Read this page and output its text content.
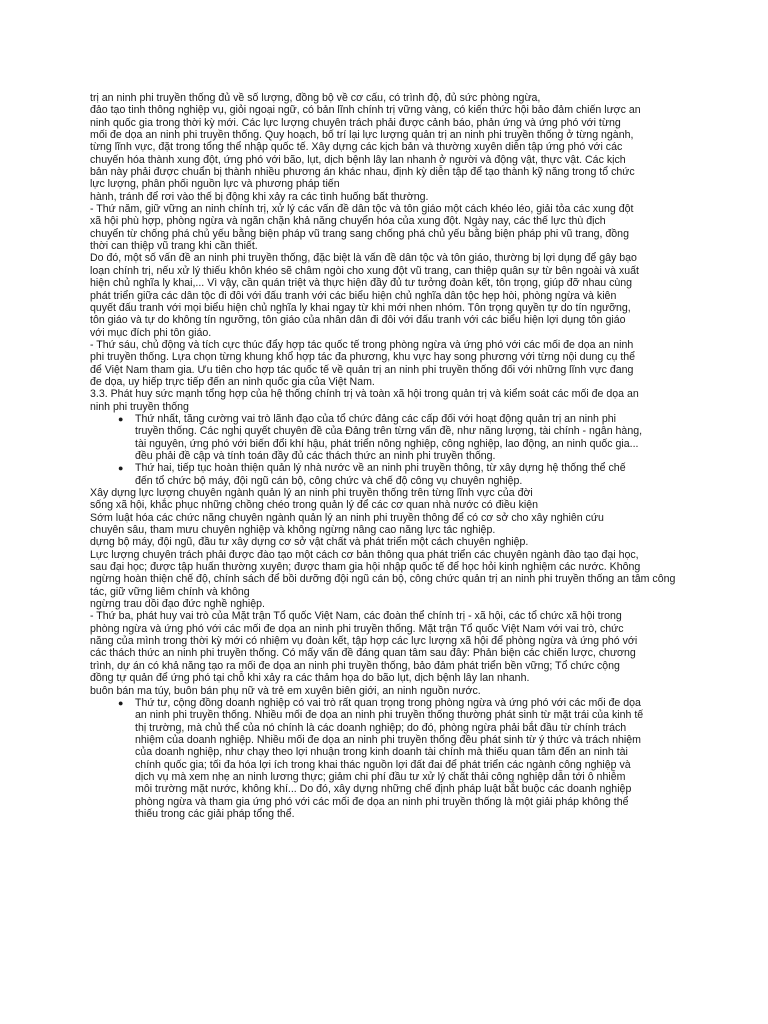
trị an ninh phi truyền thống đủ về số lượng, đồng bộ về cơ cấu, có trình độ, đủ sức phòng ngừa,
đảo tạo tinh thông nghiệp vụ, giỏi ngoại ngữ, có bản lĩnh chính trị vững vàng, có kiến thức hội bảo đảm chiến lược an
ninh quốc gia trong thời kỳ mới. Các lực lượng chuyên trách phải được cảnh báo, phản ứng và ứng phó với từng
mối đe dọa an ninh phi truyền thống. Quy hoạch, bố trí lại lực lượng quản trị an ninh phi truyền thống ở từng ngành,
từng lĩnh vực, đặt trong tổng thể nhập quốc tế. Xây dựng các kịch bản và thường xuyên diễn tập ứng phó với các
chuyến hóa thành xung đột, ứng phó với bão, lụt, dịch bệnh lây lan nhanh ở người và động vật, thực vật. Các kịch
bản này phải được chuẩn bị thành nhiều phương án khác nhau, định kỳ diễn tập để tạo thành kỹ năng trong tổ chức
lực lượng, phân phối nguồn lực và phương pháp tiến
hành, tránh để rơi vào thế bị động khi xảy ra các tình huống bất thường.
- Thứ năm, giữ vững an ninh chính trị, xử lý các vấn đề dân tộc và tôn giáo một cách khéo léo, giải tỏa các xung đột
xã hội phù hợp, phòng ngừa và ngăn chặn khả năng chuyển hóa của xung đột. Ngày nay, các thế lực thù địch
chuyển từ chống phá chủ yếu bằng biện pháp vũ trang sang chống phá chủ yếu bằng biện pháp phi vũ trang, đồng
thời can thiệp vũ trang khi cần thiết.
Do đó, một số vấn đề an ninh phi truyền thống, đặc biệt là vấn đề dân tộc và tôn giáo, thường bị lợi dụng để gây bạo
loạn chính trị, nếu xử lý thiếu khôn khéo sẽ châm ngòi cho xung đột vũ trang, can thiệp quân sự từ bên ngoài và xuất
hiện chủ nghĩa ly khai,... Vì vậy, cần quán triệt và thực hiện đầy đủ tư tưởng đoàn kết, tôn trọng, giúp đỡ nhau cùng
phát triển giữa các dân tộc đi đôi với đấu tranh với các biểu hiện chủ nghĩa dân tộc hẹp hòi, phòng ngừa và kiên
quyết đấu tranh với mọi biểu hiện chủ nghĩa ly khai ngay từ khi mới nhen nhóm. Tôn trọng quyền tự do tín ngưỡng,
tôn giáo và tự do không tín ngưỡng, tôn giáo của nhân dân đi đôi với đấu tranh với các biểu hiện lợi dụng tôn giáo
với mục đích phi tôn giáo.
- Thứ sáu, chủ động và tích cực thúc đẩy hợp tác quốc tế trong phòng ngừa và ứng phó với các mối đe dọa an ninh
phi truyền thống. Lựa chọn từng khung khổ hợp tác đa phương, khu vực hay song phương với từng nội dung cụ thể
để Việt Nam tham gia. Ưu tiên cho hợp tác quốc tế về quản trị an ninh phi truyền thống đối với những lĩnh vực đang
đe dọa, uy hiếp trực tiếp đến an ninh quốc gia của Việt Nam.
3.3. Phát huy sức mạnh tổng hợp của hệ thống chính trị và toàn xã hội trong quản trị và kiểm soát các mối đe dọa an
ninh phi truyền thống
● Thứ nhất, tăng cường vai trò lãnh đạo của tổ chức đảng các cấp đối với hoạt động quản trị an ninh phi
truyền thống. Các nghị quyết chuyên đề của Đảng trên từng vấn đề, như năng lượng, tài chính - ngân hàng,
tài nguyên, ứng phó với biến đổi khí hậu, phát triển nông nghiệp, công nghiệp, lao động, an ninh quốc gia...
đều phải đề cập và tính toán đầy đủ các thách thức an ninh phi truyền thống.
● Thứ hai, tiếp tục hoàn thiện quản lý nhà nước về an ninh phi truyền thông, từ xây dựng hệ thống thể chế
đến tổ chức bộ máy, đội ngũ cán bộ, công chức và chế độ công vụ chuyên nghiệp.
Xây dựng lực lượng chuyên ngành quản lý an ninh phi truyền thống trên từng lĩnh vực của đời
sống xã hội, khắc phục những chồng chéo trong quản lý để các cơ quan nhà nước có điều kiện
Sớm luật hóa các chức năng chuyên ngành quản lý an ninh phi truyền thông để có cơ sở cho xây nghiên cứu
chuyên sâu, tham mưu chuyên nghiệp và không ngừng nâng cao năng lực tác nghiệp.
dựng bộ máy, đội ngũ, đầu tư xây dựng cơ sở vật chất và phát triển một cách chuyên nghiệp.
Lực lượng chuyên trách phải được đào tạo một cách cơ bản thông qua phát triển các chuyên ngành đào tạo đại học,
sau đại học; được tập huấn thường xuyên; được tham gia hội nhập quốc tế để học hỏi kinh nghiệm các nước. Không
ngừng hoàn thiện chế độ, chính sách để bồi dưỡng đội ngũ cán bộ, công chức quản trị an ninh phi truyền thống an tâm công
tác, giữ vững liêm chính và không
ngừng trau dồi đạo đức nghề nghiệp.
- Thứ ba, phát huy vai trò của Mặt trận Tổ quốc Việt Nam, các đoàn thể chính trị - xã hội, các tổ chức xã hội trong
phòng ngừa và ứng phó với các mối đe dọa an ninh phi truyền thống. Mặt trận Tổ quốc Việt Nam với vai trò, chức
năng của mình trong thời kỳ mới có nhiệm vụ đoàn kết, tập hợp các lực lượng xã hội để phòng ngừa và ứng phó với
các thách thức an ninh phi truyền thống. Có mấy vấn đề đáng quan tâm sau đây: Phản biện các chiến lược, chương
trình, dự án có khả năng tạo ra mối đe dọa an ninh phi truyền thống, bảo đảm phát triển bền vững; Tổ chức cộng
đồng tự quản để ứng phó tại chỗ khi xảy ra các thảm họa do bão lụt, dịch bệnh lây lan nhanh.
buôn bán ma túy, buôn bán phụ nữ và trẻ em xuyên biên giới, an ninh nguồn nước.
● Thứ tư, cộng đồng doanh nghiệp có vai trò rất quan trọng trong phòng ngừa và ứng phó với các mối đe dọa
an ninh phi truyền thống. Nhiều mối đe dọa an ninh phi truyền thống thường phát sinh từ mặt trái của kinh tế
thị trường, mà chủ thể của nó chính là các doanh nghiệp; do đó, phòng ngừa phải bắt đầu từ chính trách
nhiệm của doanh nghiệp. Nhiều mối đe dọa an ninh phi truyền thống đều phát sinh từ ý thức và trách nhiệm
của doanh nghiệp, như chạy theo lợi nhuận trong kinh doanh tài chính mà thiếu quan tâm đến an ninh tài
chính quốc gia; tối đa hóa lợi ích trong khai thác nguồn lợi đất đai để phát triển các ngành công nghiệp và
dịch vụ mà xem nhẹ an ninh lương thực; giảm chi phí đầu tư xử lý chất thải công nghiệp dẫn tới ô nhiễm
môi trường mặt nước, không khí... Do đó, xây dựng những chế định pháp luật bắt buộc các doanh nghiệp
phòng ngừa và tham gia ứng phó với các mối đe dọa an ninh phi truyền thống là một giải pháp không thể
thiếu trong các giải pháp tổng thể.
